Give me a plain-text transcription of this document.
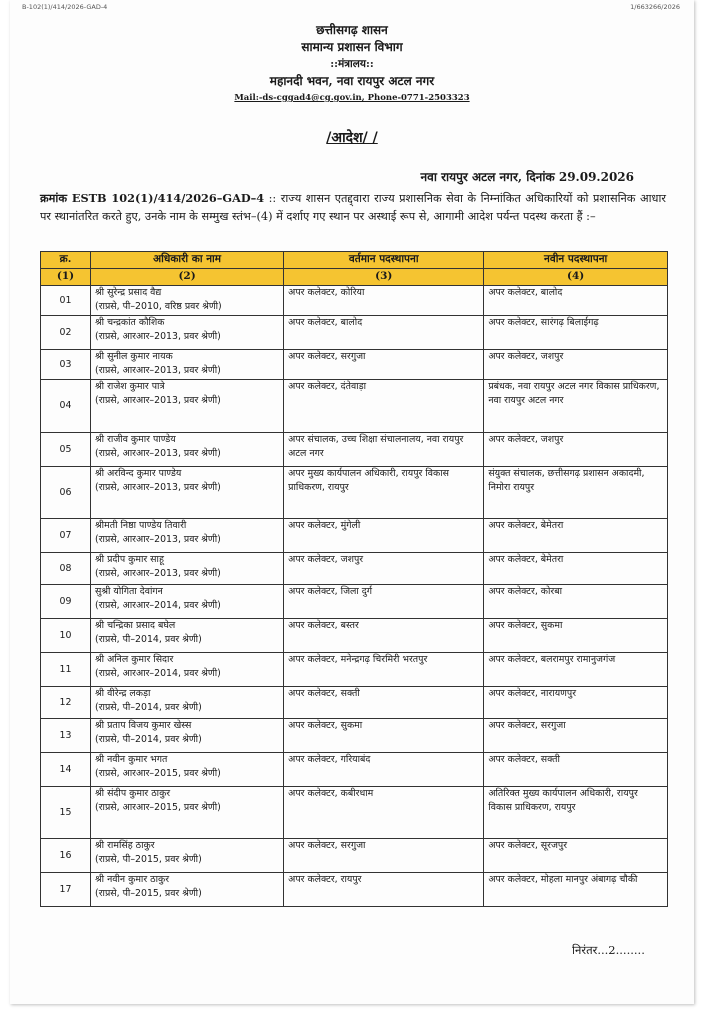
B-102(1)/414/2026-GAD-4	1/663266/2026
छत्तीसगढ़ शासन
सामान्य प्रशासन विभाग
::मंत्रालय::
महानदी भवन, नवा रायपुर अटल नगर
Mail:-ds-cggad4@cg.gov.in, Phone-0771-2503323
/आदेश/ /
नवा रायपुर अटल नगर, दिनांक 29.09.2026
क्रमांक ESTB 102(1)/414/2026–GAD–4 :: राज्य शासन एतद्द्वारा राज्य प्रशासनिक सेवा के निम्नांकित अधिकारियों को प्रशासनिक आधार पर स्थानांतरित करते हुए, उनके नाम के सम्मुख स्तंभ–(4) में दर्शाए गए स्थान पर अस्थाई रूप से, आगामी आदेश पर्यन्त पदस्थ करता हैं :–
क्र.	अधिकारी का नाम	वर्तमान पदस्थापना	नवीन पदस्थापना
(1)	(2)	(3)	(4)
01	श्री सुरेन्द्र प्रसाद वैद्य
(राप्रसे, पी–2010, वरिष्ठ प्रवर श्रेणी)	अपर कलेक्टर, कोरिया	अपर कलेक्टर, बालोद
02	श्री चन्द्रकांत कौशिक
(राप्रसे, आरआर–2013, प्रवर श्रेणी)	अपर कलेक्टर, बालोद	अपर कलेक्टर, सारंगढ़ बिलाईगढ़
03	श्री सुनील कुमार नायक
(राप्रसे, आरआर–2013, प्रवर श्रेणी)	अपर कलेक्टर, सरगुजा	अपर कलेक्टर, जशपुर
04	श्री राजेश कुमार पात्रे
(राप्रसे, आरआर–2013, प्रवर श्रेणी)	अपर कलेक्टर, दंतेवाड़ा	प्रबंधक, नवा रायपुर अटल नगर विकास प्राधिकरण, नवा रायपुर अटल नगर
05	श्री राजीव कुमार पाण्डेय
(राप्रसे, आरआर–2013, प्रवर श्रेणी)	अपर संचालक, उच्च शिक्षा संचालनालय, नवा रायपुर अटल नगर	अपर कलेक्टर, जशपुर
06	श्री अरविन्द कुमार पाण्डेय
(राप्रसे, आरआर–2013, प्रवर श्रेणी)	अपर मुख्य कार्यपालन अधिकारी, रायपुर विकास प्राधिकरण, रायपुर	संयुक्त संचालक, छत्तीसगढ़ प्रशासन अकादमी, निमोरा रायपुर
07	श्रीमती निष्ठा पाण्डेय तिवारी
(राप्रसे, आरआर–2013, प्रवर श्रेणी)	अपर कलेक्टर, मुंगेली	अपर कलेक्टर, बेमेतरा
08	श्री प्रदीप कुमार साहू
(राप्रसे, आरआर–2013, प्रवर श्रेणी)	अपर कलेक्टर, जशपुर	अपर कलेक्टर, बेमेतरा
09	सुश्री योगिता देवांगन
(राप्रसे, आरआर–2014, प्रवर श्रेणी)	अपर कलेक्टर, जिला दुर्ग	अपर कलेक्टर, कोरबा
10	श्री चन्द्रिका प्रसाद बघेल
(राप्रसे, पी–2014, प्रवर श्रेणी)	अपर कलेक्टर, बस्तर	अपर कलेक्टर, सुकमा
11	श्री अनिल कुमार सिदार
(राप्रसे, आरआर–2014, प्रवर श्रेणी)	अपर कलेक्टर, मनेन्द्रगढ़ चिरमिरी भरतपुर	अपर कलेक्टर, बलरामपुर रामानुजगंज
12	श्री वीरेन्द्र लकड़ा
(राप्रसे, पी–2014, प्रवर श्रेणी)	अपर कलेक्टर, सक्ती	अपर कलेक्टर, नारायणपुर
13	श्री प्रताप विजय कुमार खेस्स
(राप्रसे, पी–2014, प्रवर श्रेणी)	अपर कलेक्टर, सुकमा	अपर कलेक्टर, सरगुजा
14	श्री नवीन कुमार भगत
(राप्रसे, आरआर–2015, प्रवर श्रेणी)	अपर कलेक्टर, गरियाबंद	अपर कलेक्टर, सक्ती
15	श्री संदीप कुमार ठाकुर
(राप्रसे, आरआर–2015, प्रवर श्रेणी)	अपर कलेक्टर, कबीरधाम	अतिरिक्त मुख्य कार्यपालन अधिकारी, रायपुर विकास प्राधिकरण, रायपुर
16	श्री रामसिंह ठाकुर
(राप्रसे, पी–2015, प्रवर श्रेणी)	अपर कलेक्टर, सरगुजा	अपर कलेक्टर, सूरजपुर
17	श्री नवीन कुमार ठाकुर
(राप्रसे, पी–2015, प्रवर श्रेणी)	अपर कलेक्टर, रायपुर	अपर कलेक्टर, मोहला मानपुर अंबागढ़ चौकी
निरंतर...2........
